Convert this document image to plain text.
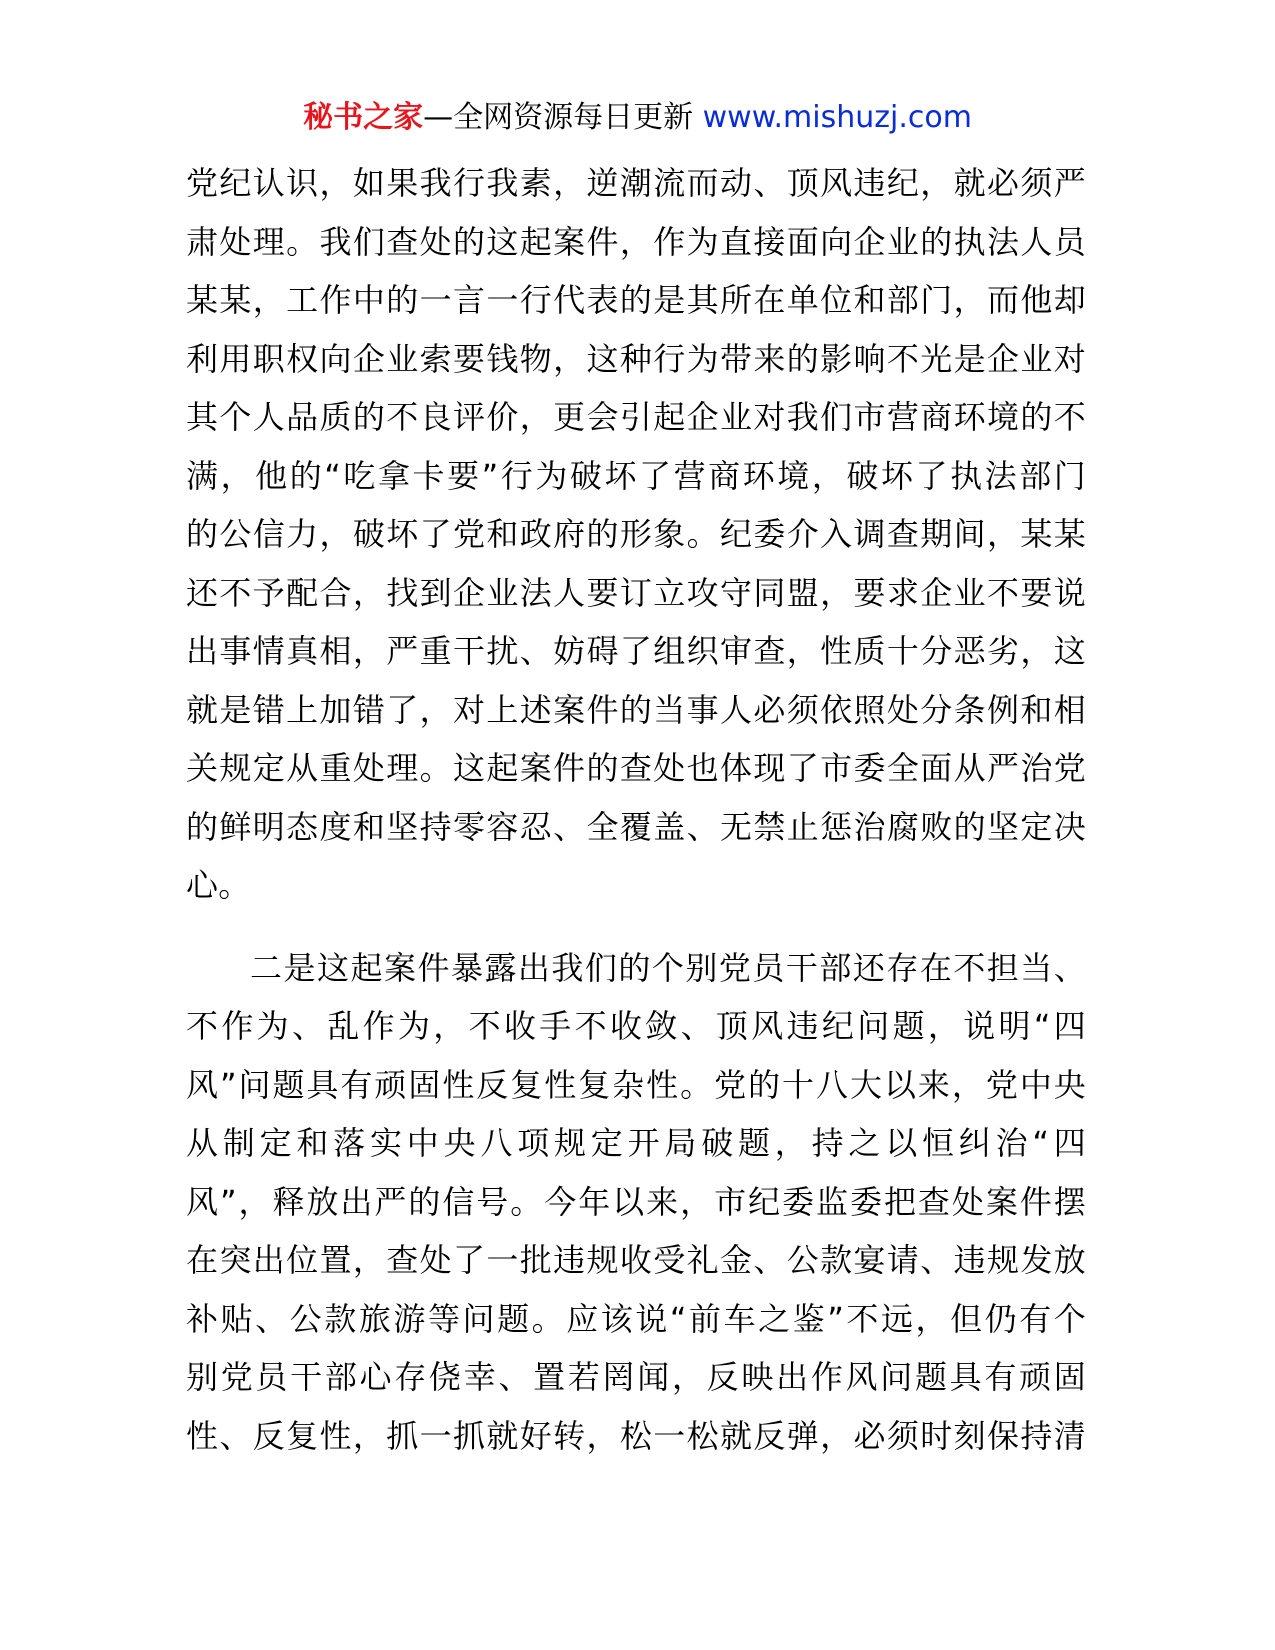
秘书之家—全网资源每日更新 www.mishuzj.com
党纪认识，如果我行我素，逆潮流而动、顶风违纪，就必须严
肃处理。我们查处的这起案件，作为直接面向企业的执法人员
某某，工作中的一言一行代表的是其所在单位和部门，而他却
利用职权向企业索要钱物，这种行为带来的影响不光是企业对
其个人品质的不良评价，更会引起企业对我们市营商环境的不
满，他的“吃拿卡要”行为破坏了营商环境，破坏了执法部门
的公信力，破坏了党和政府的形象。纪委介入调查期间，某某
还不予配合，找到企业法人要订立攻守同盟，要求企业不要说
出事情真相，严重干扰、妨碍了组织审查，性质十分恶劣，这
就是错上加错了，对上述案件的当事人必须依照处分条例和相
关规定从重处理。这起案件的查处也体现了市委全面从严治党
的鲜明态度和坚持零容忍、全覆盖、无禁止惩治腐败的坚定决
心。
二是这起案件暴露出我们的个别党员干部还存在不担当、
不作为、乱作为，不收手不收敛、顶风违纪问题，说明“四
风”问题具有顽固性反复性复杂性。党的十八大以来，党中央
从制定和落实中央八项规定开局破题，持之以恒纠治“四
风”，释放出严的信号。今年以来，市纪委监委把查处案件摆
在突出位置，查处了一批违规收受礼金、公款宴请、违规发放
补贴、公款旅游等问题。应该说“前车之鉴”不远，但仍有个
别党员干部心存侥幸、置若罔闻，反映出作风问题具有顽固
性、反复性，抓一抓就好转，松一松就反弹，必须时刻保持清
